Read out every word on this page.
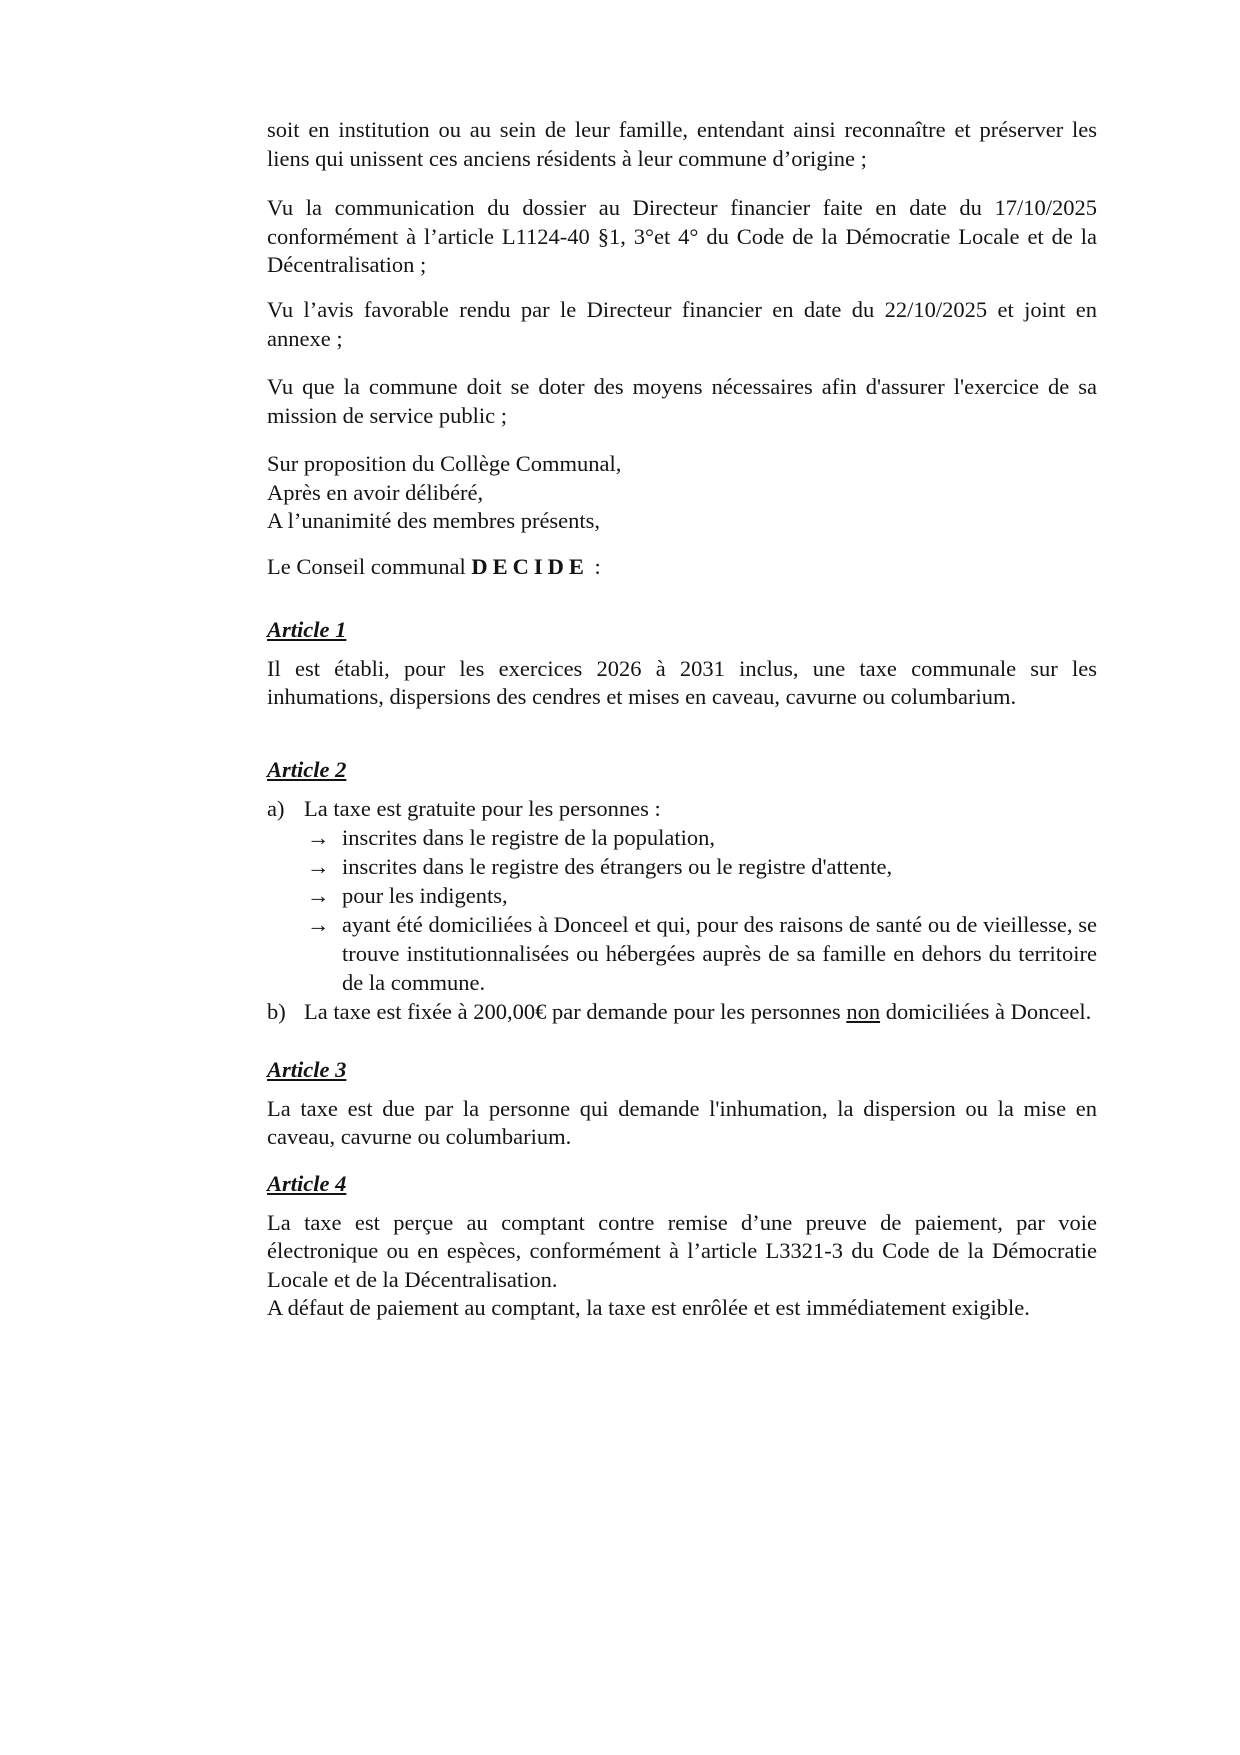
soit en institution ou au sein de leur famille, entendant ainsi reconnaître et préserver les liens qui unissent ces anciens résidents à leur commune d’origine ;

Vu la communication du dossier au Directeur financier faite en date du 17/10/2025 conformément à l’article L1124-40 §1, 3°et 4° du Code de la Démocratie Locale et de la Décentralisation ;

Vu l’avis favorable rendu par le Directeur financier en date du 22/10/2025 et joint en annexe ;

Vu que la commune doit se doter des moyens nécessaires afin d'assurer l'exercice de sa mission de service public ;

Sur proposition du Collège Communal,
Après en avoir délibéré,
A l’unanimité des membres présents,
Le Conseil communal DECIDE :

Article 1

Il est établi, pour les exercices 2026 à 2031 inclus, une taxe communale sur les inhumations, dispersions des cendres et mises en caveau, cavurne ou columbarium.

Article 2

a) La taxe est gratuite pour les personnes :
→ inscrites dans le registre de la population,
→ inscrites dans le registre des étrangers ou le registre d'attente,
→ pour les indigents,
→ ayant été domiciliées à Donceel et qui, pour des raisons de santé ou de vieillesse, se trouve institutionnalisées ou hébergées auprès de sa famille en dehors du territoire de la commune.
b) La taxe est fixée à 200,00€ par demande pour les personnes non domiciliées à Donceel.

Article 3

La taxe est due par la personne qui demande l'inhumation, la dispersion ou la mise en caveau, cavurne ou columbarium.

Article 4

La taxe est perçue au comptant contre remise d’une preuve de paiement, par voie électronique ou en espèces, conformément à l’article L3321-3 du Code de la Démocratie Locale et de la Décentralisation.

A défaut de paiement au comptant, la taxe est enrôlée et est immédiatement exigible.
